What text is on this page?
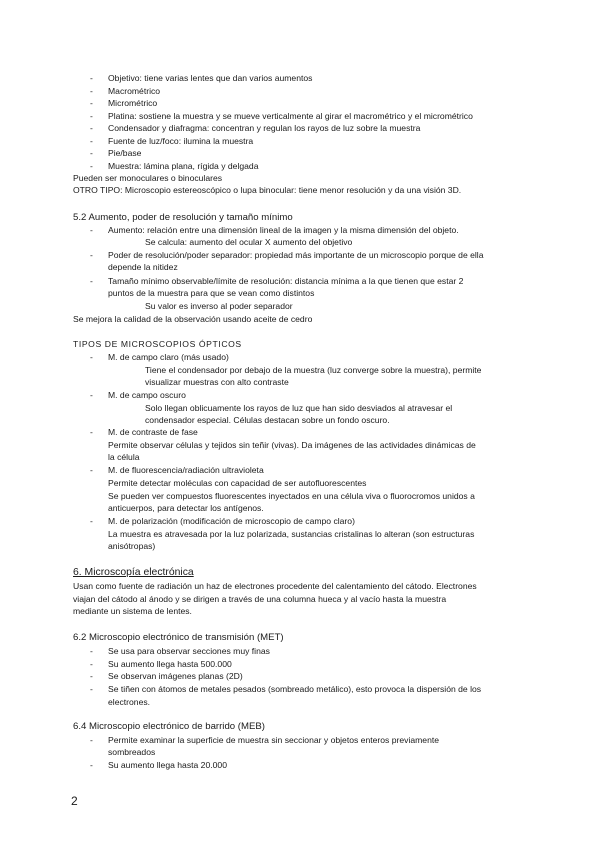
- Objetivo: tiene varias lentes que dan varios aumentos
- Macrométrico
- Micrométrico
- Platina: sostiene la muestra y se mueve verticalmente al girar el macrométrico y el micrométrico
- Condensador y diafragma: concentran y regulan los rayos de luz sobre la muestra
- Fuente de luz/foco: ilumina la muestra
- Pie/base
- Muestra: lámina plana, rígida y delgada
Pueden ser monoculares o binoculares
OTRO TIPO: Microscopio estereoscópico o lupa binocular: tiene menor resolución y da una visión 3D.
5.2 Aumento, poder de resolución y tamaño mínimo
- Aumento: relación entre una dimensión lineal de la imagen y la misma dimensión del objeto.
Se calcula: aumento del ocular X aumento del objetivo
- Poder de resolución/poder separador: propiedad más importante de un microscopio porque de ella
depende la nitidez
- Tamaño mínimo observable/límite de resolución: distancia mínima a la que tienen que estar 2
puntos de la muestra para que se vean como distintos
Su valor es inverso al poder separador
Se mejora la calidad de la observación usando aceite de cedro
TIPOS DE MICROSCOPIOS ÓPTICOS
- M. de campo claro (más usado)
Tiene el condensador por debajo de la muestra (luz converge sobre la muestra), permite
visualizar muestras con alto contraste
- M. de campo oscuro
Solo llegan oblicuamente los rayos de luz que han sido desviados al atravesar el
condensador especial. Células destacan sobre un fondo oscuro.
- M. de contraste de fase
Permite observar células y tejidos sin teñir (vivas). Da imágenes de las actividades dinámicas de
la célula
- M. de fluorescencia/radiación ultravioleta
Permite detectar moléculas con capacidad de ser autofluorescentes
Se pueden ver compuestos fluorescentes inyectados en una célula viva o fluorocromos unidos a
anticuerpos, para detectar los antígenos.
- M. de polarización (modificación de microscopio de campo claro)
La muestra es atravesada por la luz polarizada, sustancias cristalinas lo alteran (son estructuras
anisótropas)
6. Microscopía electrónica
Usan como fuente de radiación un haz de electrones procedente del calentamiento del cátodo. Electrones
viajan del cátodo al ánodo y se dirigen a través de una columna hueca y al vacío hasta la muestra
mediante un sistema de lentes.
6.2 Microscopio electrónico de transmisión (MET)
- Se usa para observar secciones muy finas
- Su aumento llega hasta 500.000
- Se observan imágenes planas (2D)
- Se tiñen con átomos de metales pesados (sombreado metálico), esto provoca la dispersión de los
electrones.
6.4 Microscopio electrónico de barrido (MEB)
- Permite examinar la superficie de muestra sin seccionar y objetos enteros previamente
sombreados
- Su aumento llega hasta 20.000
2
